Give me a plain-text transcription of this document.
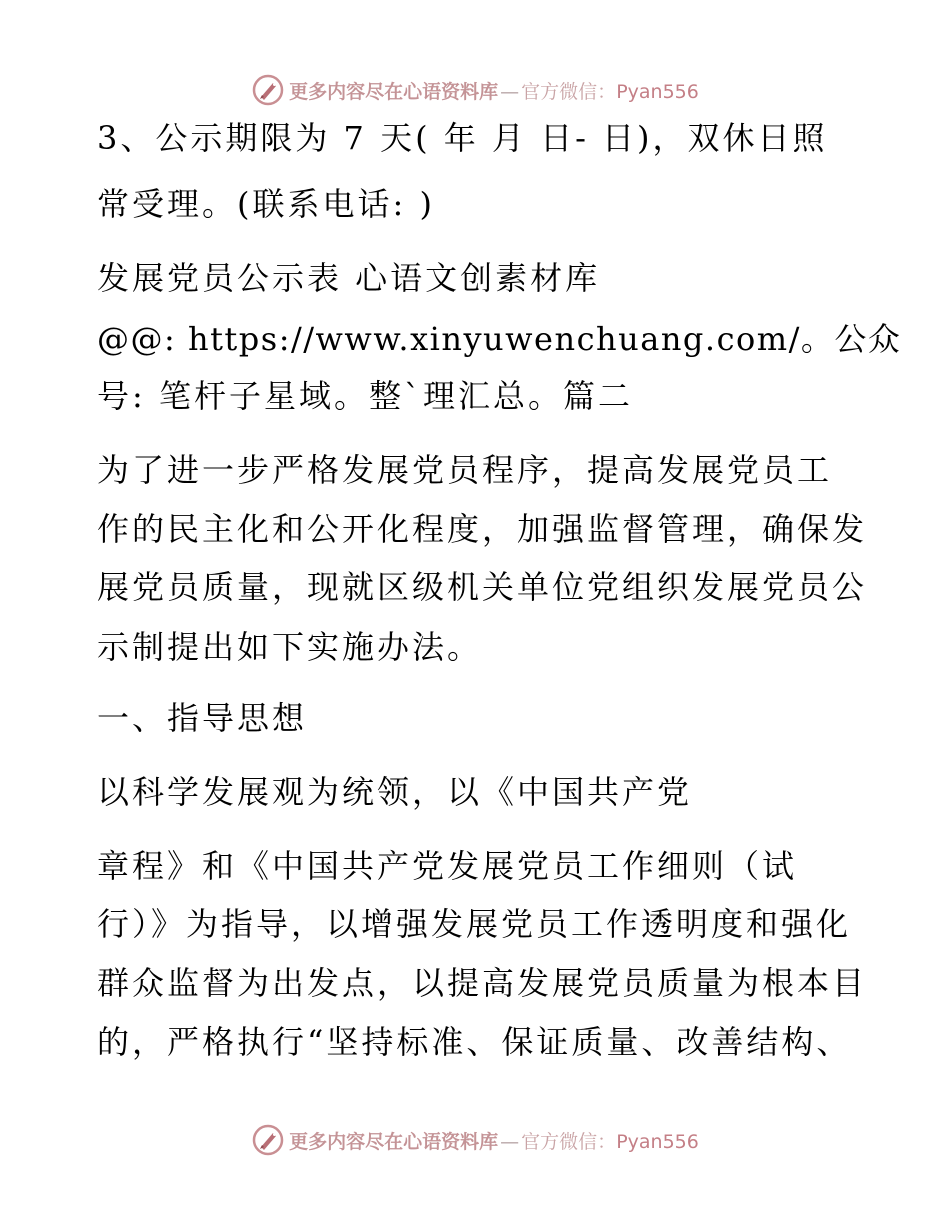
更多内容尽在心语资料库 — 官方微信：Pyan556
3、公示期限为 7 天( 年 月 日- 日)，双休日照
常受理。(联系电话: )
发展党员公示表 心语文创素材库
@@: https://www.xinyuwenchuang.com/。公众
号: 笔杆子星域。整`理汇总。篇二
为了进一步严格发展党员程序，提高发展党员工
作的民主化和公开化程度，加强监督管理，确保发
展党员质量，现就区级机关单位党组织发展党员公
示制提出如下实施办法。
一、指导思想
以科学发展观为统领，以《中国共产党
章程》和《中国共产党发展党员工作细则（试
行）》为指导，以增强发展党员工作透明度和强化
群众监督为出发点，以提高发展党员质量为根本目
的，严格执行“坚持标准、保证质量、改善结构、
更多内容尽在心语资料库 — 官方微信：Pyan556
